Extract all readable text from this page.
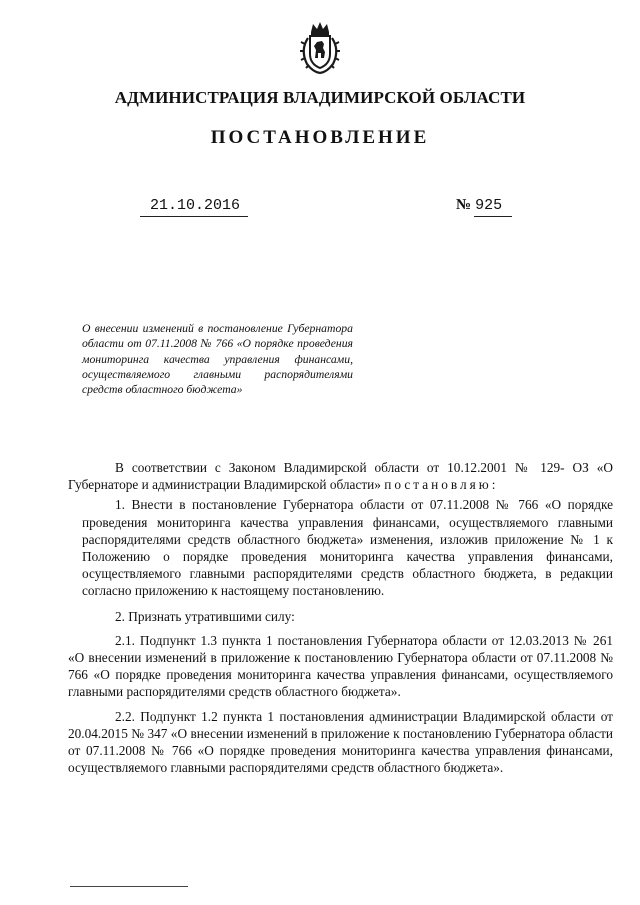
АДМИНИСТРАЦИЯ ВЛАДИМИРСКОЙ ОБЛАСТИ
ПОСТАНОВЛЕНИЕ
21.10.2016	№ 925
О внесении изменений в постановление Губернатора области от 07.11.2008 № 766 «О порядке проведения мониторинга качества управления финансами, осуществляемого главными распорядителями средств областного бюджета»

В соответствии с Законом Владимирской области от 10.12.2001 № 129- ОЗ «О Губернаторе и администрации Владимирской области» постановляю:

1. Внести в постановление Губернатора области от 07.11.2008 № 766 «О порядке проведения мониторинга качества управления финансами, осуществляемого главными распорядителями средств областного бюджета» изменения, изложив приложение № 1 к Положению о порядке проведения мониторинга качества управления финансами, осуществляемого главными распорядителями средств областного бюджета, в редакции согласно приложению к настоящему постановлению.

2. Признать утратившими силу:

2.1. Подпункт 1.3 пункта 1 постановления Губернатора области от 12.03.2013 № 261 «О внесении изменений в приложение к постановлению Губернатора области от 07.11.2008 № 766 «О порядке проведения мониторинга качества управления финансами, осуществляемого главными распорядителями средств областного бюджета».

2.2. Подпункт 1.2 пункта 1 постановления администрации Владимирской области от 20.04.2015 № 347 «О внесении изменений в приложение к постановлению Губернатора области от 07.11.2008 № 766 «О порядке проведения мониторинга качества управления финансами, осуществляемого главными распорядителями средств областного бюджета».
